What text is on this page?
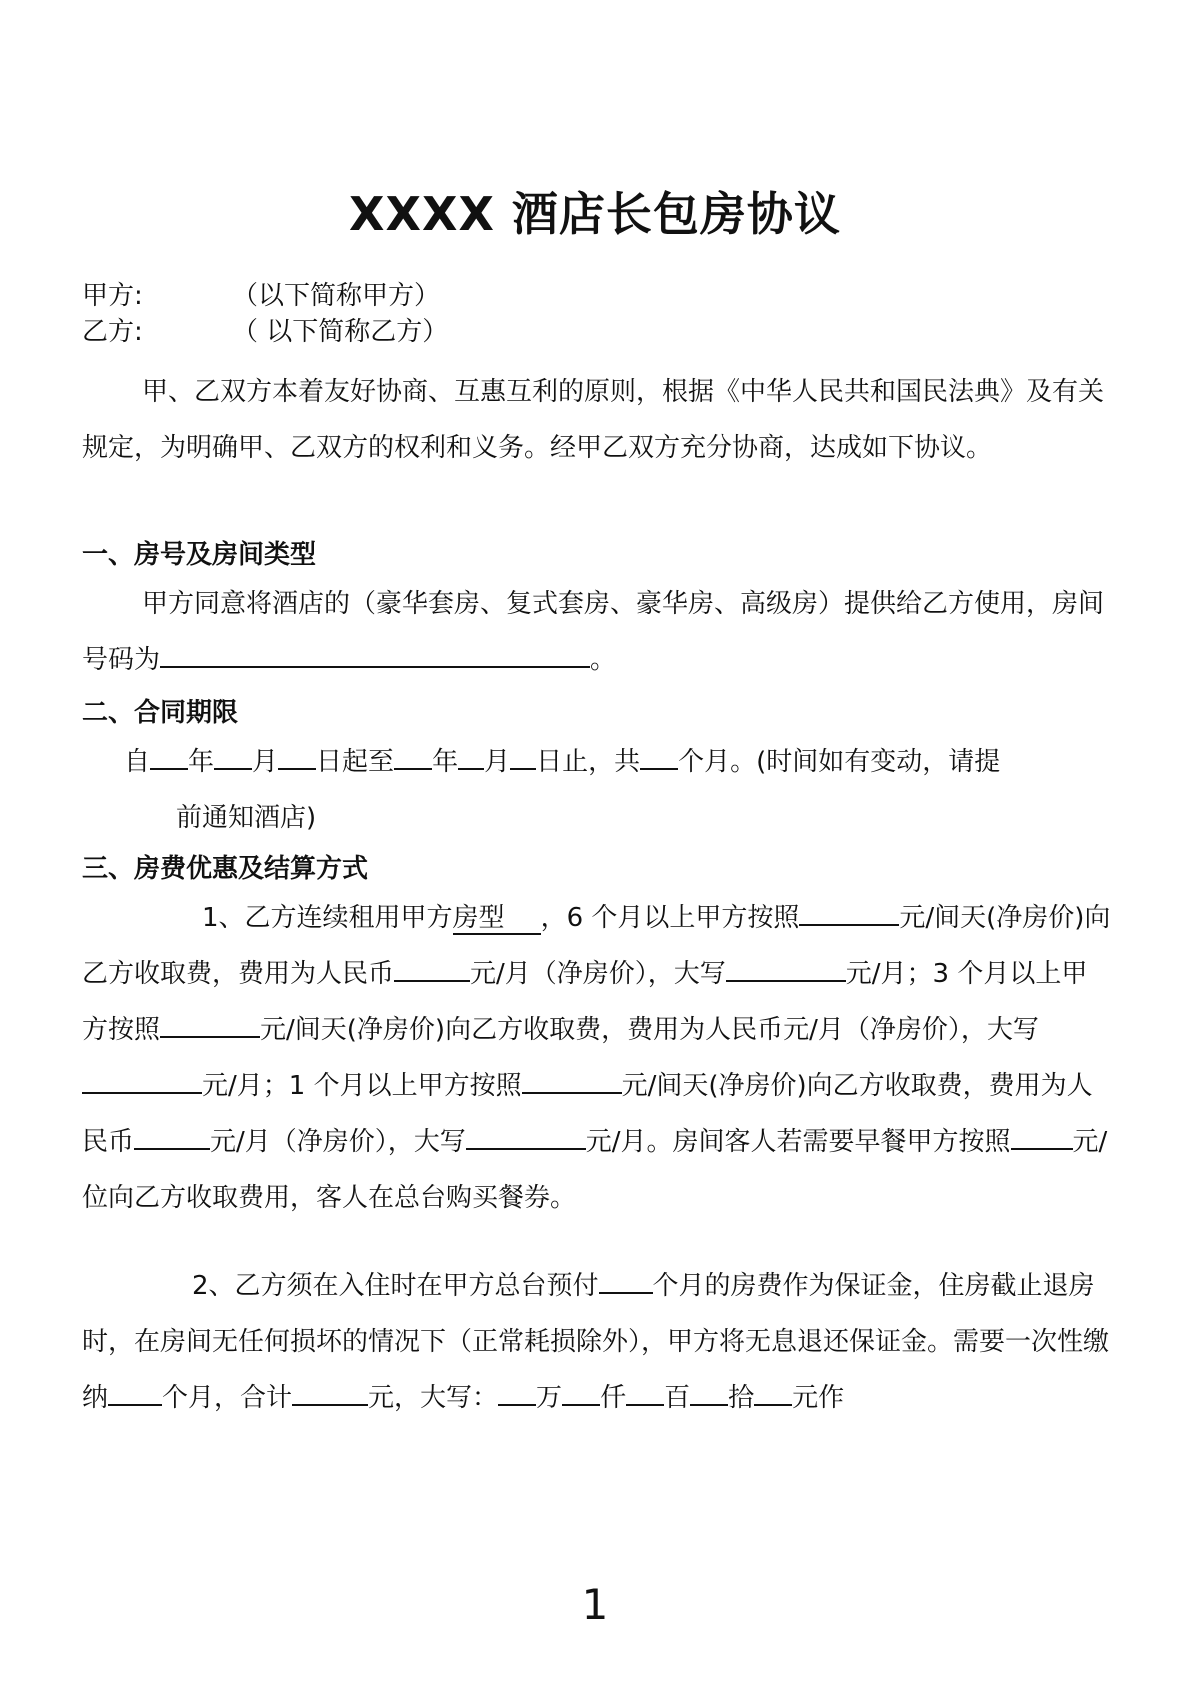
XXXX 酒店长包房协议
甲方:	（以下简称甲方）
乙方:	（ 以下简称乙方）
甲、乙双方本着友好协商、互惠互利的原则，根据《中华人民共和国民法典》及有关规定，为明确甲、乙双方的权利和义务。经甲乙双方充分协商，达成如下协议。
一、房号及房间类型
甲方同意将酒店的（豪华套房、复式套房、豪华房、高级房）提供给乙方使用，房间号码为	。
二、合同期限
自 年 月 日起至 年 月 日止，共 个月。(时间如有变动，请提
前通知酒店)
三、房费优惠及结算方式
1、乙方连续租用甲方房型 ，6 个月以上甲方按照	元/间天(净房价)向乙方收取费，费用为人民币	元/月（净房价），大写	元/月；3 个月以上甲方按照	元/间天(净房价)向乙方收取费，费用为人民币元/月（净房价），大写元/月；1 个月以上甲方按照	元/间天(净房价)向乙方收取费，费用为人民币	元/月（净房价），大写	元/月。房间客人若需要早餐甲方按照 元/位向乙方收取费用，客人在总台购买餐券。
2、乙方须在入住时在甲方总台预付 个月的房费作为保证金，住房截止退房时，在房间无任何损坏的情况下（正常耗损除外），甲方将无息退还保证金。需要一次性缴纳 个月，合计	元，大写： 万 仟 百 拾 元作
1
